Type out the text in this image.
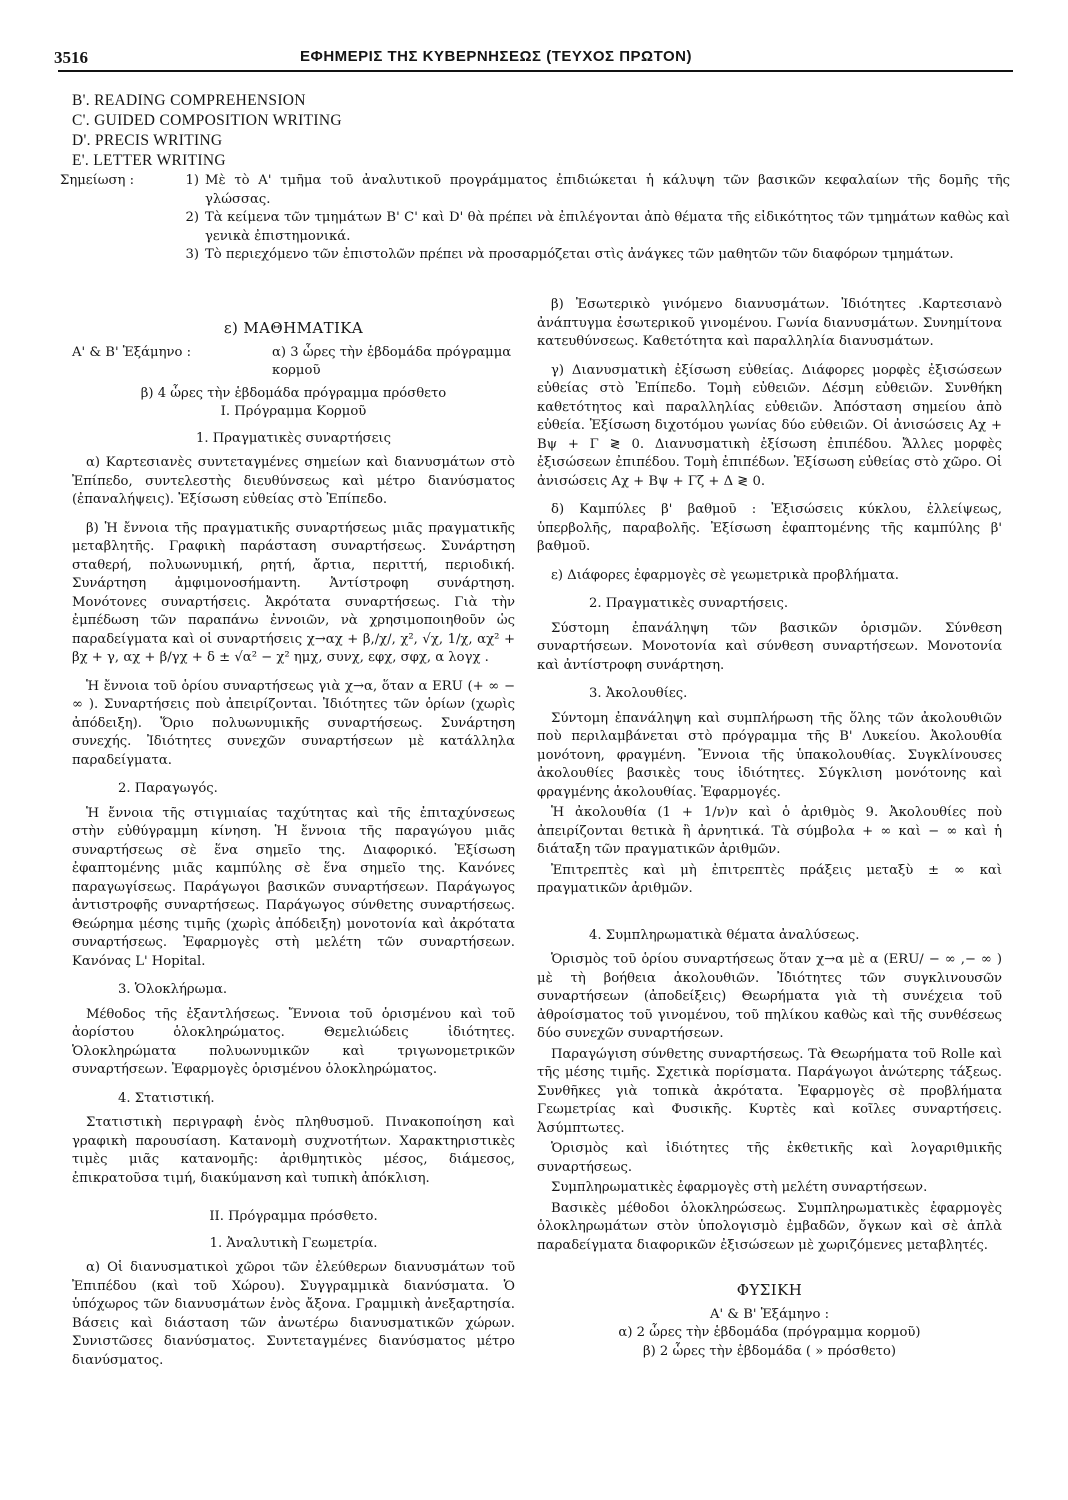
3516	ΕΦΗΜΕΡΙΣ ΤΗΣ ΚΥΒΕΡΝΗΣΕΩΣ (ΤΕΥΧΟΣ ΠΡΩΤΟΝ)
B'. READING COMPREHENSION
C'. GUIDED COMPOSITION WRITING
D'. PRECIS WRITING
E'. LETTER WRITING
Σημείωση :	1) Μὲ τὸ Α' τμῆμα τοῦ ἀναλυτικοῦ προγράμματος ἐπιδιώκεται ἡ κάλυψη τῶν βασικῶν κεφαλαίων τῆς δομῆς τῆς γλώσσας.

2) Τὰ κείμενα τῶν τμημάτων B' C' καὶ D' θὰ πρέπει νὰ ἐπιλέγονται ἀπὸ θέματα τῆς εἰδικότητος τῶν τμημάτων καθὼς καὶ γενικὰ ἐπιστημονικά.

3) Τὸ περιεχόμενο τῶν ἐπιστολῶν πρέπει νὰ προσαρμόζεται στὶς ἀνάγκες τῶν μαθητῶν τῶν διαφόρων τμημάτων.

ε) ΜΑΘΗΜΑΤΙΚΑ
Α' & Β' Ἑξάμηνο :	α) 3 ὧρες τὴν ἑβδομάδα πρόγραμμα κορμοῦ
β) 4 ὧρες τὴν ἑβδομάδα πρόγραμμα πρόσθετο
Ι. Πρόγραμμα Κορμοῦ
1. Πραγματικὲς συναρτήσεις

α) Καρτεσιανὲς συντεταγμένες σημείων καὶ διανυσμάτων στὸ Ἐπίπεδο, συντελεστὴς διευθύνσεως καὶ μέτρο διανύσματος (ἐπαναλήψεις). Ἐξίσωση εὐθείας στὸ Ἐπίπεδο.

β) Ἡ ἔννοια τῆς πραγματικῆς συναρτήσεως μιᾶς πραγματικῆς μεταβλητῆς. Γραφικὴ παράσταση συναρτήσεως. Συνάρτηση σταθερή, πολυωνυμική, ρητή, ἄρτια, περιττή, περιοδική. Συνάρτηση ἀμφιμονοσήμαντη. Ἀντίστροφη συνάρτηση. Μονότονες συναρτήσεις. Ἀκρότατα συναρτήσεως. Γιὰ τὴν ἐμπέδωση τῶν παραπάνω ἐννοιῶν, νὰ χρησιμοποιηθοῦν ὡς παραδείγματα καὶ οἱ συναρτήσεις χ→αχ + β,/χ/, χ², √χ, 1/χ, αχ² + βχ + γ, αχ + β/γχ + δ ± √α² − χ² ημχ, συνχ, εφχ, σφχ, α λογχ .

Ἡ ἔννοια τοῦ ὁρίου συναρτήσεως γιὰ χ→α, ὅταν α ERU (+ ∞ − ∞ ). Συναρτήσεις ποὺ ἀπειρίζονται. Ἰδιότητες τῶν ὁρίων (χωρὶς ἀπόδειξη). Ὅριο πολυωνυμικῆς συναρτήσεως. Συνάρτηση συνεχής. Ἰδιότητες συνεχῶν συναρτήσεων μὲ κατάλληλα παραδείγματα.

2. Παραγωγός.

Ἡ ἔννοια τῆς στιγμιαίας ταχύτητας καὶ τῆς ἐπιταχύνσεως στὴν εὐθύγραμμη κίνηση. Ἡ ἔννοια τῆς παραγώγου μιᾶς συναρτήσεως σὲ ἕνα σημεῖο της. Διαφορικό. Ἐξίσωση ἐφαπτομένης μιᾶς καμπύλης σὲ ἕνα σημεῖο της. Κανόνες παραγωγίσεως. Παράγωγοι βασικῶν συναρτήσεων. Παράγωγος ἀντιστροφῆς συναρτήσεως. Παράγωγος σύνθετης συναρτήσεως. Θεώρημα μέσης τιμῆς (χωρὶς ἀπόδειξη) μονοτονία καὶ ἀκρότατα συναρτήσεως. Ἐφαρμογὲς στὴ μελέτη τῶν συναρτήσεων. Κανόνας L' Hopital.

3. Ὁλοκλήρωμα.

Μέθοδος τῆς ἐξαντλήσεως. Ἔννοια τοῦ ὁρισμένου καὶ τοῦ ἀορίστου ὁλοκληρώματος. Θεμελιώδεις ἰδιότητες. Ὁλοκληρώματα πολυωνυμικῶν καὶ τριγωνομετρικῶν συναρτήσεων. Ἐφαρμογὲς ὁρισμένου ὁλοκληρώματος.

4. Στατιστική.

Στατιστικὴ περιγραφὴ ἑνὸς πληθυσμοῦ. Πινακοποίηση καὶ γραφικὴ παρουσίαση. Κατανομὴ συχνοτήτων. Χαρακτηριστικὲς τιμὲς μιᾶς κατανομῆς: ἀριθμητικὸς μέσος, διάμεσος, ἐπικρατοῦσα τιμή, διακύμανση καὶ τυπικὴ ἀπόκλιση.

ΙΙ. Πρόγραμμα πρόσθετο.
1. Ἀναλυτικὴ Γεωμετρία.

α) Οἱ διανυσματικοὶ χῶροι τῶν ἐλεύθερων διανυσμάτων τοῦ Ἐπιπέδου (καὶ τοῦ Χώρου). Συγγραμμικὰ διανύσματα. Ὁ ὑπόχωρος τῶν διανυσμάτων ἑνὸς ἄξονα. Γραμμικὴ ἀνεξαρτησία. Βάσεις καὶ διάσταση τῶν ἀνωτέρω διανυσματικῶν χώρων. Συνιστῶσες διανύσματος. Συντεταγμένες διανύσματος μέτρο διανύσματος.

β) Ἐσωτερικὸ γινόμενο διανυσμάτων. Ἰδιότητες .Καρτεσιανὸ ἀνάπτυγμα ἐσωτερικοῦ γινομένου. Γωνία διανυσμάτων. Συνημίτονα κατευθύνσεως. Καθετότητα καὶ παραλληλία διανυσμάτων.

γ) Διανυσματικὴ ἐξίσωση εὐθείας. Διάφορες μορφὲς ἐξισώσεων εὐθείας στὸ Ἐπίπεδο. Τομὴ εὐθειῶν. Δέσμη εὐθειῶν. Συνθήκη καθετότητος καὶ παραλληλίας εὐθειῶν. Ἀπόσταση σημείου ἀπὸ εὐθεία. Ἐξίσωση διχοτόμου γωνίας δύο εὐθειῶν. Οἱ ἀνισώσεις Αχ + Βψ + Γ ≷ 0. Διανυσματικὴ ἐξίσωση ἐπιπέδου. Ἄλλες μορφὲς ἐξισώσεων ἐπιπέδου. Τομὴ ἐπιπέδων. Ἐξίσωση εὐθείας στὸ χῶρο. Οἱ ἀνισώσεις Αχ + Βψ + Γζ + Δ ≷ 0.

δ) Καμπύλες β' βαθμοῦ : Ἐξισώσεις κύκλου, ἐλλείψεως, ὑπερβολῆς, παραβολῆς. Ἐξίσωση ἐφαπτομένης τῆς καμπύλης β' βαθμοῦ.

ε) Διάφορες ἐφαρμογὲς σὲ γεωμετρικὰ προβλήματα.

2. Πραγματικὲς συναρτήσεις.

Σύστομη ἐπανάληψη τῶν βασικῶν ὁρισμῶν. Σύνθεση συναρτήσεων. Μονοτονία καὶ σύνθεση συναρτήσεων. Μονοτονία καὶ ἀντίστροφη συνάρτηση.

3. Ἀκολουθίες.

Σύντομη ἐπανάληψη καὶ συμπλήρωση τῆς ὅλης τῶν ἀκολουθιῶν ποὺ περιλαμβάνεται στὸ πρόγραμμα τῆς Β' Λυκείου. Ἀκολουθία μονότονη, φραγμένη. Ἔννοια τῆς ὑπακολουθίας. Συγκλίνουσες ἀκολουθίες βασικὲς τους ἰδιότητες. Σύγκλιση μονότονης καὶ φραγμένης ἀκολουθίας. Ἐφαρμογές.

Ἡ ἀκολουθία (1 + 1/ν)ν καὶ ὁ ἀριθμὸς 9. Ἀκολουθίες ποὺ ἀπειρίζονται θετικὰ ἢ ἀρνητικά. Τὰ σύμβολα + ∞ καὶ − ∞ καὶ ἡ διάταξη τῶν πραγματικῶν ἀριθμῶν.

Ἐπιτρεπτὲς καὶ μὴ ἐπιτρεπτὲς πράξεις μεταξὺ ± ∞ καὶ πραγματικῶν ἀριθμῶν.

4. Συμπληρωματικὰ θέματα ἀναλύσεως.

Ὁρισμὸς τοῦ ὁρίου συναρτήσεως ὅταν χ→α μὲ α (ERU/ − ∞ ,− ∞ ) μὲ τὴ βοήθεια ἀκολουθιῶν. Ἰδιότητες τῶν συγκλινουσῶν συναρτήσεων (ἀποδείξεις) Θεωρήματα γιὰ τὴ συνέχεια τοῦ ἀθροίσματος τοῦ γινομένου, τοῦ πηλίκου καθὼς καὶ τῆς συνθέσεως δύο συνεχῶν συναρτήσεων.

Παραγώγιση σύνθετης συναρτήσεως. Τὰ Θεωρήματα τοῦ Rolle καὶ τῆς μέσης τιμῆς. Σχετικὰ πορίσματα. Παράγωγοι ἀνώτερης τάξεως. Συνθῆκες γιὰ τοπικὰ ἀκρότατα. Ἐφαρμογὲς σὲ προβλήματα Γεωμετρίας καὶ Φυσικῆς. Κυρτὲς καὶ κοῖλες συναρτήσεις. Ἀσύμπτωτες.

Ὁρισμὸς καὶ ἰδιότητες τῆς ἐκθετικῆς καὶ λογαριθμικῆς συναρτήσεως.

Συμπληρωματικὲς ἐφαρμογὲς στὴ μελέτη συναρτήσεων.

Βασικὲς μέθοδοι ὁλοκληρώσεως. Συμπληρωματικὲς ἐφαρμογὲς ὁλοκληρωμάτων στὸν ὑπολογισμὸ ἐμβαδῶν, ὄγκων καὶ σὲ ἁπλὰ παραδείγματα διαφορικῶν ἐξισώσεων μὲ χωριζόμενες μεταβλητές.

ΦΥΣΙΚΗ
Α' & Β' Ἑξάμηνο :
α) 2 ὧρες τὴν ἑβδομάδα (πρόγραμμα κορμοῦ)
β) 2 ὧρες τὴν ἑβδομάδα ( » πρόσθετο)
